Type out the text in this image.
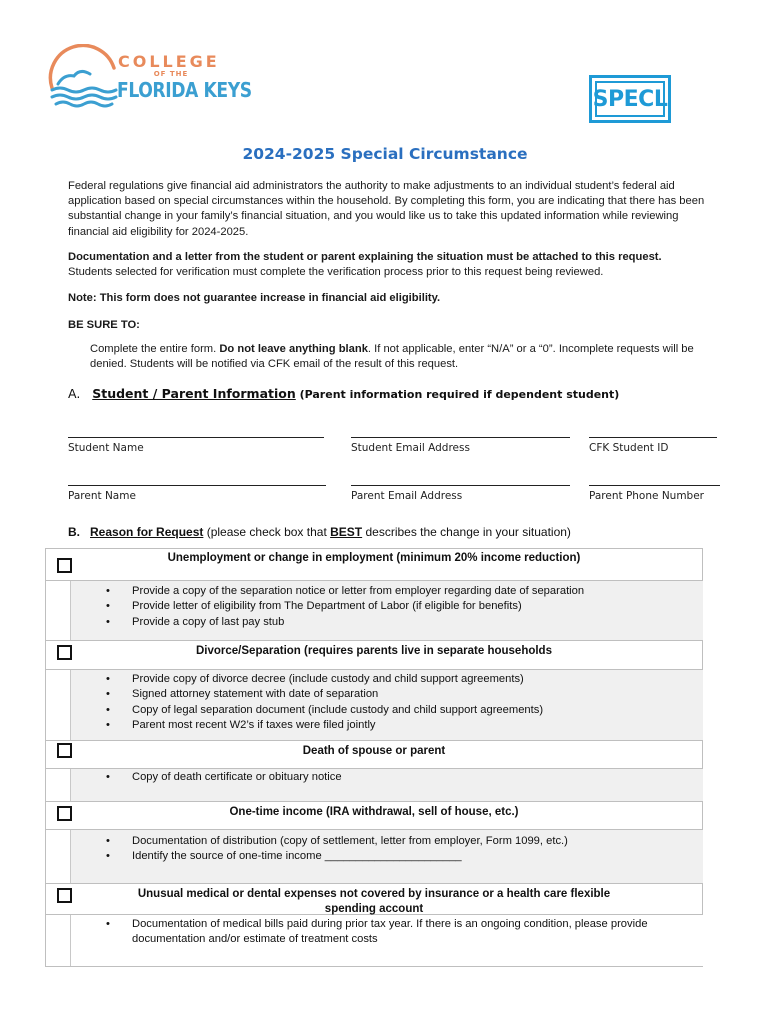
COLLEGE
OF THE
FLORIDA KEYS	SPECL
2024-2025 Special Circumstance
Federal regulations give financial aid administrators the authority to make adjustments to an individual student’s federal aid application based on special circumstances within the household. By completing this form, you are indicating that there has been substantial change in your family’s financial situation, and you would like us to take this updated information while reviewing financial aid eligibility for 2024-2025.
Documentation and a letter from the student or parent explaining the situation must be attached to this request.
Students selected for verification must complete the verification process prior to this request being reviewed.
Note: This form does not guarantee increase in financial aid eligibility.
BE SURE TO:
Complete the entire form. Do not leave anything blank. If not applicable, enter “N/A” or a “0”. Incomplete requests will be denied. Students will be notified via CFK email of the result of this request.
A. Student / Parent Information (Parent information required if dependent student)
Student Name	Student Email Address	CFK Student ID
Parent Name	Parent Email Address	Parent Phone Number
B. Reason for Request (please check box that BEST describes the change in your situation)
Unemployment or change in employment (minimum 20% income reduction)
• Provide a copy of the separation notice or letter from employer regarding date of separation
• Provide letter of eligibility from The Department of Labor (if eligible for benefits)
• Provide a copy of last pay stub
Divorce/Separation (requires parents live in separate households
• Provide copy of divorce decree (include custody and child support agreements)
• Signed attorney statement with date of separation
• Copy of legal separation document (include custody and child support agreements)
• Parent most recent W2’s if taxes were filed jointly
Death of spouse or parent
• Copy of death certificate or obituary notice
One-time income (IRA withdrawal, sell of house, etc.)
• Documentation of distribution (copy of settlement, letter from employer, Form 1099, etc.)
• Identify the source of one-time income ______________________
Unusual medical or dental expenses not covered by insurance or a health care flexible spending account
• Documentation of medical bills paid during prior tax year. If there is an ongoing condition, please provide documentation and/or estimate of treatment costs
